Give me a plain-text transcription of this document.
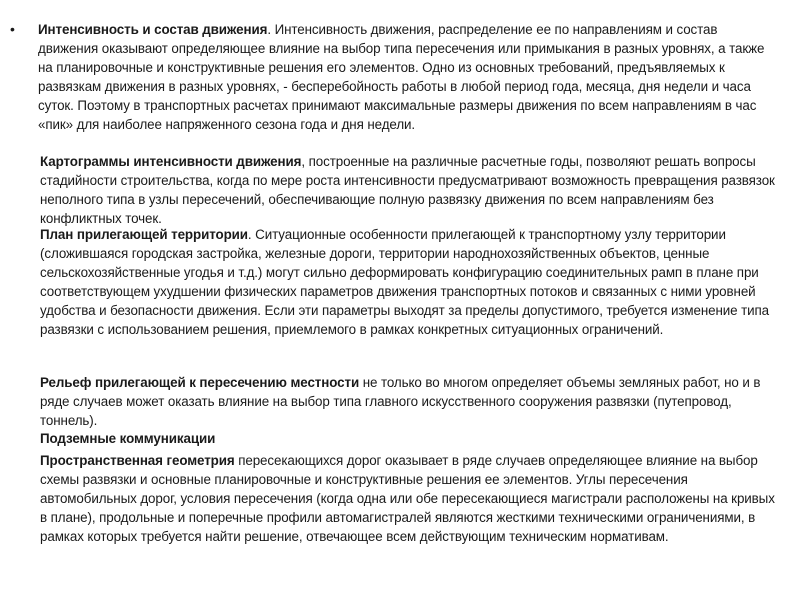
• Интенсивность и состав движения. Интенсивность движения, распределение ее по направлениям и состав движения оказывают определяющее влияние на выбор типа пересечения или примыкания в разных уровнях, а также на планировочные и конструктивные решения его элементов. Одно из основных требований, предъявляемых к развязкам движения в разных уровнях, - бесперебойность работы в любой период года, месяца, дня недели и часа суток. Поэтому в транспортных расчетах принимают максимальные размеры движения по всем направлениям в час «пик» для наиболее напряженного сезона года и дня недели.

Картограммы интенсивности движения, построенные на различные расчетные годы, позволяют решать вопросы стадийности строительства, когда по мере роста интенсивности предусматривают возможность превращения развязок неполного типа в узлы пересечений, обеспечивающие полную развязку движения по всем направлениям без конфликтных точек.

План прилегающей территории. Ситуационные особенности прилегающей к транспортному узлу территории (сложившаяся городская застройка, железные дороги, территории народнохозяйственных объектов, ценные сельскохозяйственные угодья и т.д.) могут сильно деформировать конфигурацию соединительных рамп в плане при соответствующем ухудшении физических параметров движения транспортных потоков и связанных с ними уровней удобства и безопасности движения. Если эти параметры выходят за пределы допустимого, требуется изменение типа развязки с использованием решения, приемлемого в рамках конкретных ситуационных ограничений.

Рельеф прилегающей к пересечению местности не только во многом определяет объемы земляных работ, но и в ряде случаев может оказать влияние на выбор типа главного искусственного сооружения развязки (путепровод, тоннель).

Подземные коммуникации

Пространственная геометрия пересекающихся дорог оказывает в ряде случаев определяющее влияние на выбор схемы развязки и основные планировочные и конструктивные решения ее элементов. Углы пересечения автомобильных дорог, условия пересечения (когда одна или обе пересекающиеся магистрали расположены на кривых в плане), продольные и поперечные профили автомагистралей являются жесткими техническими ограничениями, в рамках которых требуется найти решение, отвечающее всем действующим техническим нормативам.
